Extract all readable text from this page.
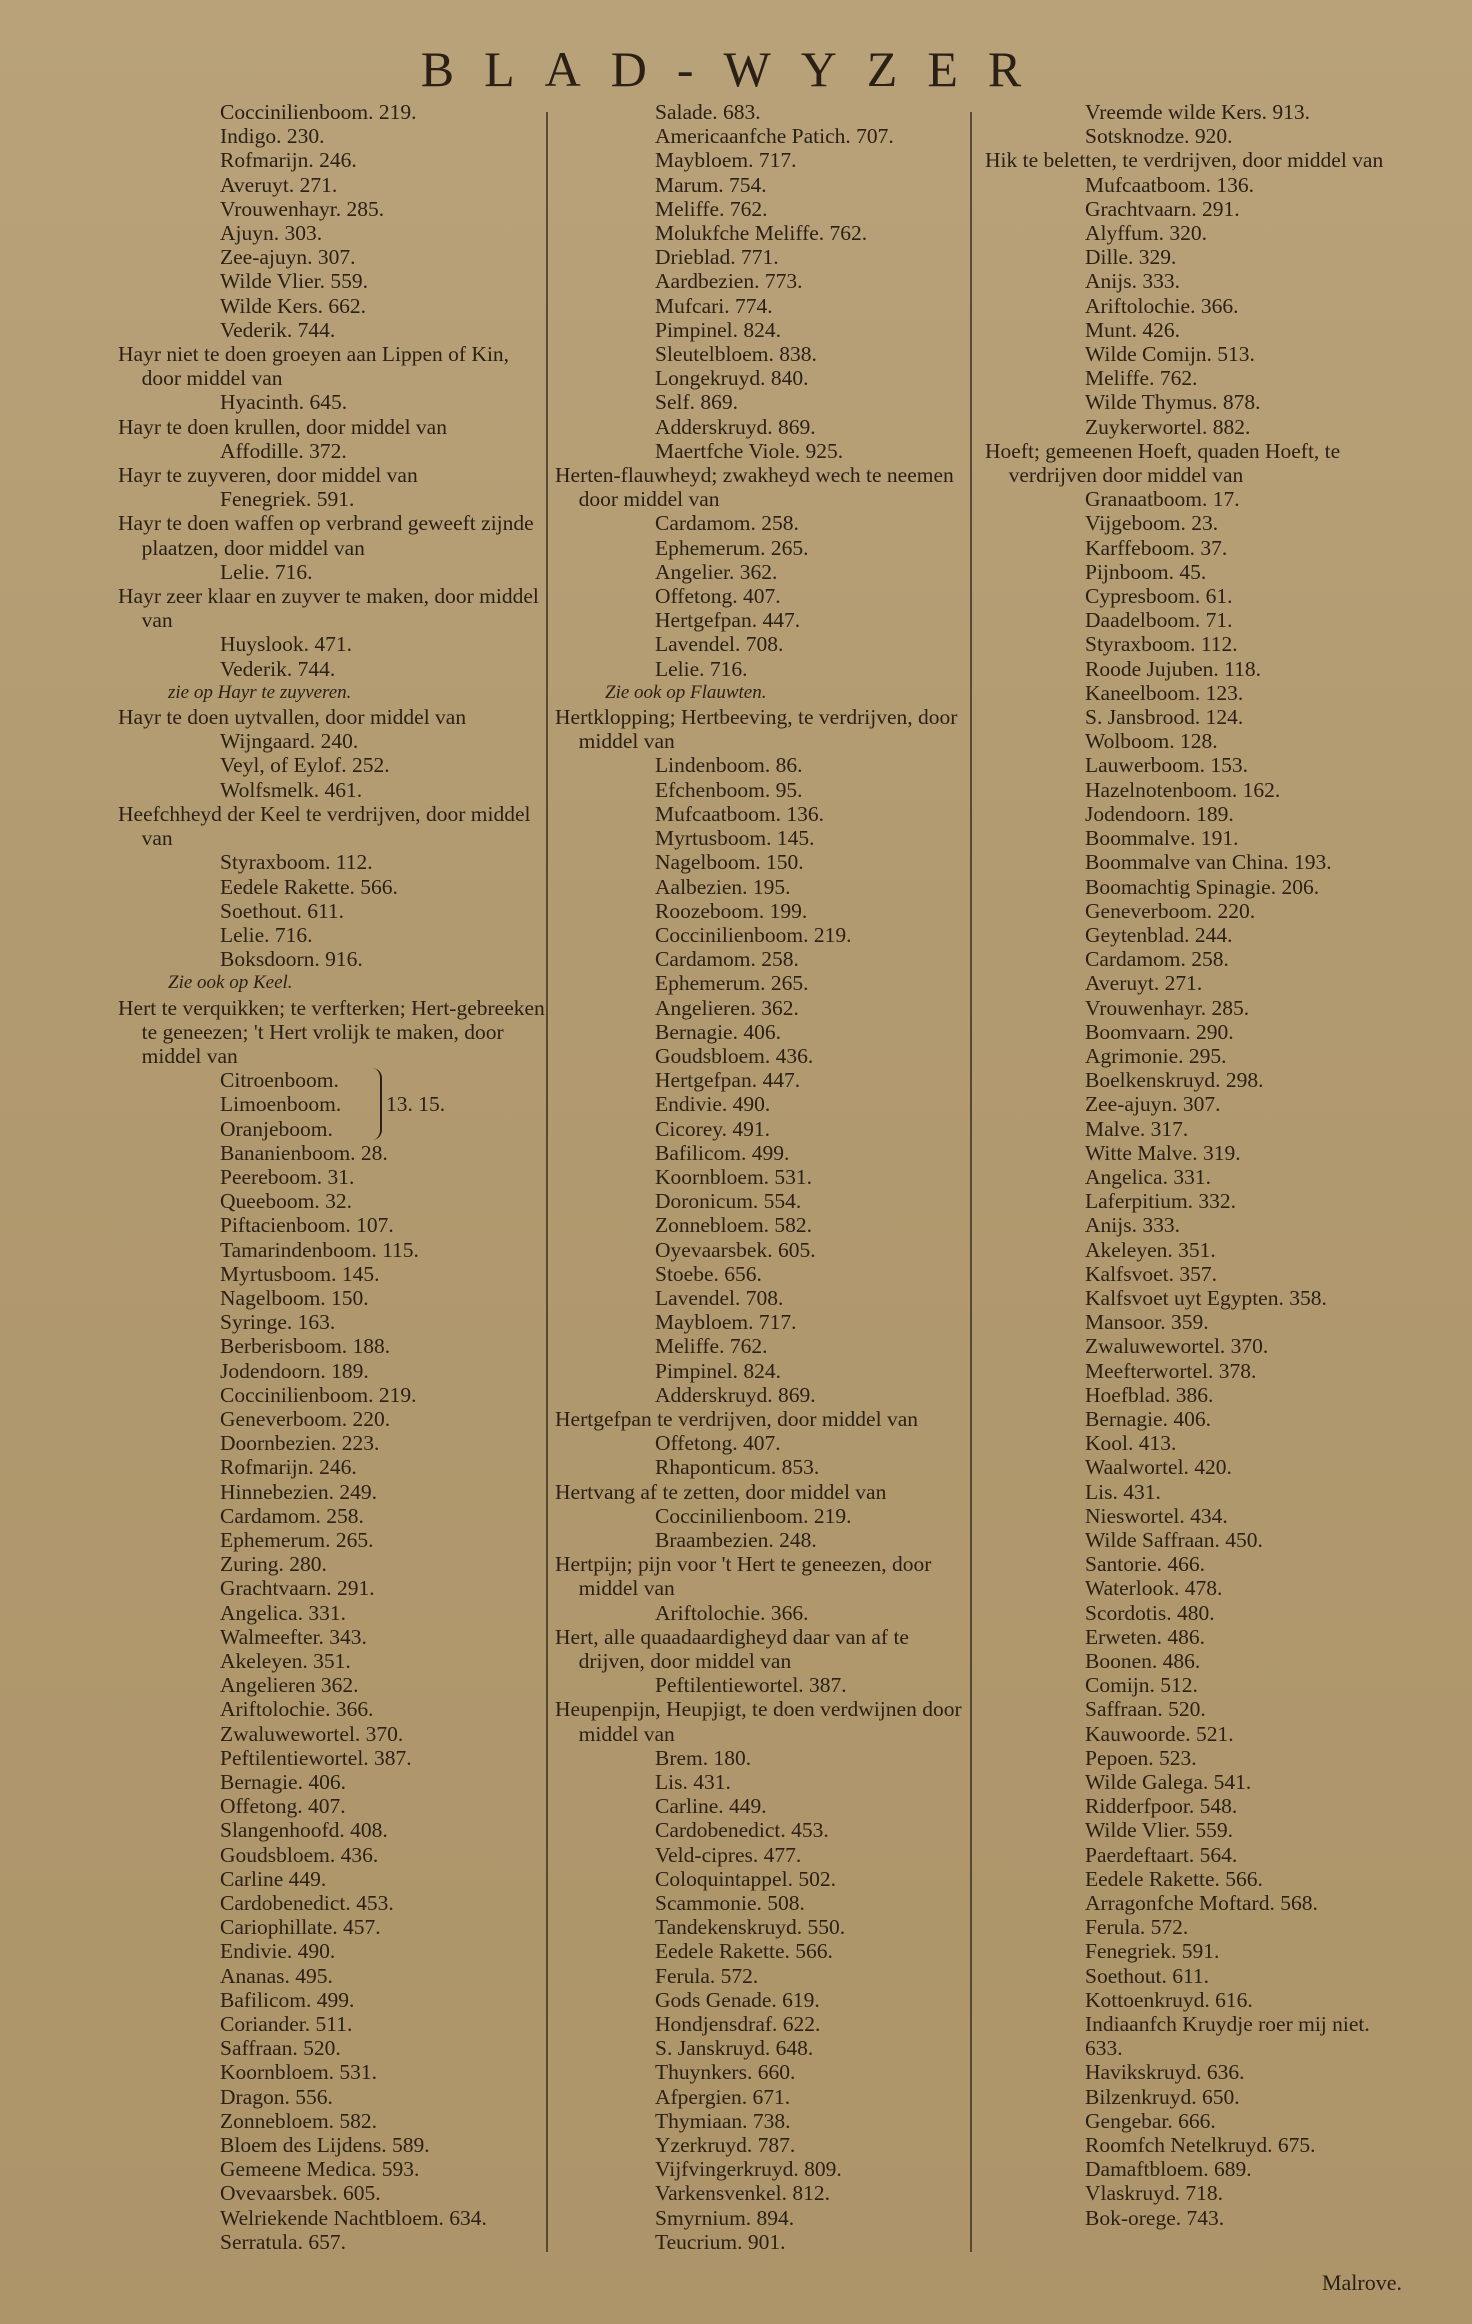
BLAD-WYZER
Coccinilienboom. 219.
Indigo. 230.
Rofmarijn. 246.
Averuyt. 271.
Vrouwenhayr. 285.
Ajuyn. 303.
Zee-ajuyn. 307.
Wilde Vlier. 559.
Wilde Kers. 662.
Vederik. 744.
Hayr niet te doen groeyen aan Lippen of Kin, door middel van
Hyacinth. 645.
Hayr te doen krullen, door middel van
Affodille. 372.
Hayr te zuyveren, door middel van
Fenegriek. 591.
Hayr te doen waffen op verbrand geweeft zijnde plaatzen, door middel van
Lelie. 716.
Hayr zeer klaar en zuyver te maken, door middel van
Huyslook. 471.
Vederik. 744.
zie op Hayr te zuyveren.
Hayr te doen uytvallen, door middel van
Wijngaard. 240.
Veyl, of Eylof. 252.
Wolfsmelk. 461.
Heefchheyd der Keel te verdrijven, door middel van
Styraxboom. 112.
Eedele Rakette. 566.
Soethout. 611.
Lelie. 716.
Boksdoorn. 916.
Zie ook op Keel.
Hert te verquikken; te verfterken; Hert-gebreeken te geneezen; 't Hert vrolijk te maken, door middel van
Citroenboom.
Limoenboom.
Oranjeboom.
13. 15.
Bananienboom. 28.
Peereboom. 31.
Queeboom. 32.
Piftacienboom. 107.
Tamarindenboom. 115.
Myrtusboom. 145.
Nagelboom. 150.
Syringe. 163.
Berberisboom. 188.
Jodendoorn. 189.
Coccinilienboom. 219.
Geneverboom. 220.
Doornbezien. 223.
Rofmarijn. 246.
Hinnebezien. 249.
Cardamom. 258.
Ephemerum. 265.
Zuring. 280.
Grachtvaarn. 291.
Angelica. 331.
Walmeefter. 343.
Akeleyen. 351.
Angelieren 362.
Ariftolochie. 366.
Zwaluwewortel. 370.
Peftilentiewortel. 387.
Bernagie. 406.
Offetong. 407.
Slangenhoofd. 408.
Goudsbloem. 436.
Carline 449.
Cardobenedict. 453.
Cariophillate. 457.
Endivie. 490.
Ananas. 495.
Bafilicom. 499.
Coriander. 511.
Saffraan. 520.
Koornbloem. 531.
Dragon. 556.
Zonnebloem. 582.
Bloem des Lijdens. 589.
Gemeene Medica. 593.
Ovevaarsbek. 605.
Welriekende Nachtbloem. 634.
Serratula. 657.
Salade. 683.
Americaanfche Patich. 707.
Maybloem. 717.
Marum. 754.
Meliffe. 762.
Molukfche Meliffe. 762.
Drieblad. 771.
Aardbezien. 773.
Mufcari. 774.
Pimpinel. 824.
Sleutelbloem. 838.
Longekruyd. 840.
Self. 869.
Adderskruyd. 869.
Maertfche Viole. 925.
Herten-flauwheyd; zwakheyd wech te neemen door middel van
Cardamom. 258.
Ephemerum. 265.
Angelier. 362.
Offetong. 407.
Hertgefpan. 447.
Lavendel. 708.
Lelie. 716.
Zie ook op Flauwten.
Hertklopping; Hertbeeving, te verdrijven, door middel van
Lindenboom. 86.
Efchenboom. 95.
Mufcaatboom. 136.
Myrtusboom. 145.
Nagelboom. 150.
Aalbezien. 195.
Roozeboom. 199.
Coccinilienboom. 219.
Cardamom. 258.
Ephemerum. 265.
Angelieren. 362.
Bernagie. 406.
Goudsbloem. 436.
Hertgefpan. 447.
Endivie. 490.
Cicorey. 491.
Bafilicom. 499.
Koornbloem. 531.
Doronicum. 554.
Zonnebloem. 582.
Oyevaarsbek. 605.
Stoebe. 656.
Lavendel. 708.
Maybloem. 717.
Meliffe. 762.
Pimpinel. 824.
Adderskruyd. 869.
Hertgefpan te verdrijven, door middel van
Offetong. 407.
Rhaponticum. 853.
Hertvang af te zetten, door middel van
Coccinilienboom. 219.
Braambezien. 248.
Hertpijn; pijn voor 't Hert te geneezen, door middel van
Ariftolochie. 366.
Hert, alle quaadaardigheyd daar van af te drijven, door middel van
Peftilentiewortel. 387.
Heupenpijn, Heupjigt, te doen verdwijnen door middel van
Brem. 180.
Lis. 431.
Carline. 449.
Cardobenedict. 453.
Veld-cipres. 477.
Coloquintappel. 502.
Scammonie. 508.
Tandekenskruyd. 550.
Eedele Rakette. 566.
Ferula. 572.
Gods Genade. 619.
Hondjensdraf. 622.
S. Janskruyd. 648.
Thuynkers. 660.
Afpergien. 671.
Thymiaan. 738.
Yzerkruyd. 787.
Vijfvingerkruyd. 809.
Varkensvenkel. 812.
Smyrnium. 894.
Teucrium. 901.
Vreemde wilde Kers. 913.
Sotsknodze. 920.
Hik te beletten, te verdrijven, door middel van
Mufcaatboom. 136.
Grachtvaarn. 291.
Alyffum. 320.
Dille. 329.
Anijs. 333.
Ariftolochie. 366.
Munt. 426.
Wilde Comijn. 513.
Meliffe. 762.
Wilde Thymus. 878.
Zuykerwortel. 882.
Hoeft; gemeenen Hoeft, quaden Hoeft, te verdrijven door middel van
Granaatboom. 17.
Vijgeboom. 23.
Karffeboom. 37.
Pijnboom. 45.
Cypresboom. 61.
Daadelboom. 71.
Styraxboom. 112.
Roode Jujuben. 118.
Kaneelboom. 123.
S. Jansbrood. 124.
Wolboom. 128.
Lauwerboom. 153.
Hazelnotenboom. 162.
Jodendoorn. 189.
Boommalve. 191.
Boommalve van China. 193.
Boomachtig Spinagie. 206.
Geneverboom. 220.
Geytenblad. 244.
Cardamom. 258.
Averuyt. 271.
Vrouwenhayr. 285.
Boomvaarn. 290.
Agrimonie. 295.
Boelkenskruyd. 298.
Zee-ajuyn. 307.
Malve. 317.
Witte Malve. 319.
Angelica. 331.
Laferpitium. 332.
Anijs. 333.
Akeleyen. 351.
Kalfsvoet. 357.
Kalfsvoet uyt Egypten. 358.
Mansoor. 359.
Zwaluwewortel. 370.
Meefterwortel. 378.
Hoefblad. 386.
Bernagie. 406.
Kool. 413.
Waalwortel. 420.
Lis. 431.
Nieswortel. 434.
Wilde Saffraan. 450.
Santorie. 466.
Waterlook. 478.
Scordotis. 480.
Erweten. 486.
Boonen. 486.
Comijn. 512.
Saffraan. 520.
Kauwoorde. 521.
Pepoen. 523.
Wilde Galega. 541.
Ridderfpoor. 548.
Wilde Vlier. 559.
Paerdeftaart. 564.
Eedele Rakette. 566.
Arragonfche Moftard. 568.
Ferula. 572.
Fenegriek. 591.
Soethout. 611.
Kottoenkruyd. 616.
Indiaanfch Kruydje roer mij niet.
633.
Havikskruyd. 636.
Bilzenkruyd. 650.
Gengebar. 666.
Roomfch Netelkruyd. 675.
Damaftbloem. 689.
Vlaskruyd. 718.
Bok-orege. 743.
Malrove.
